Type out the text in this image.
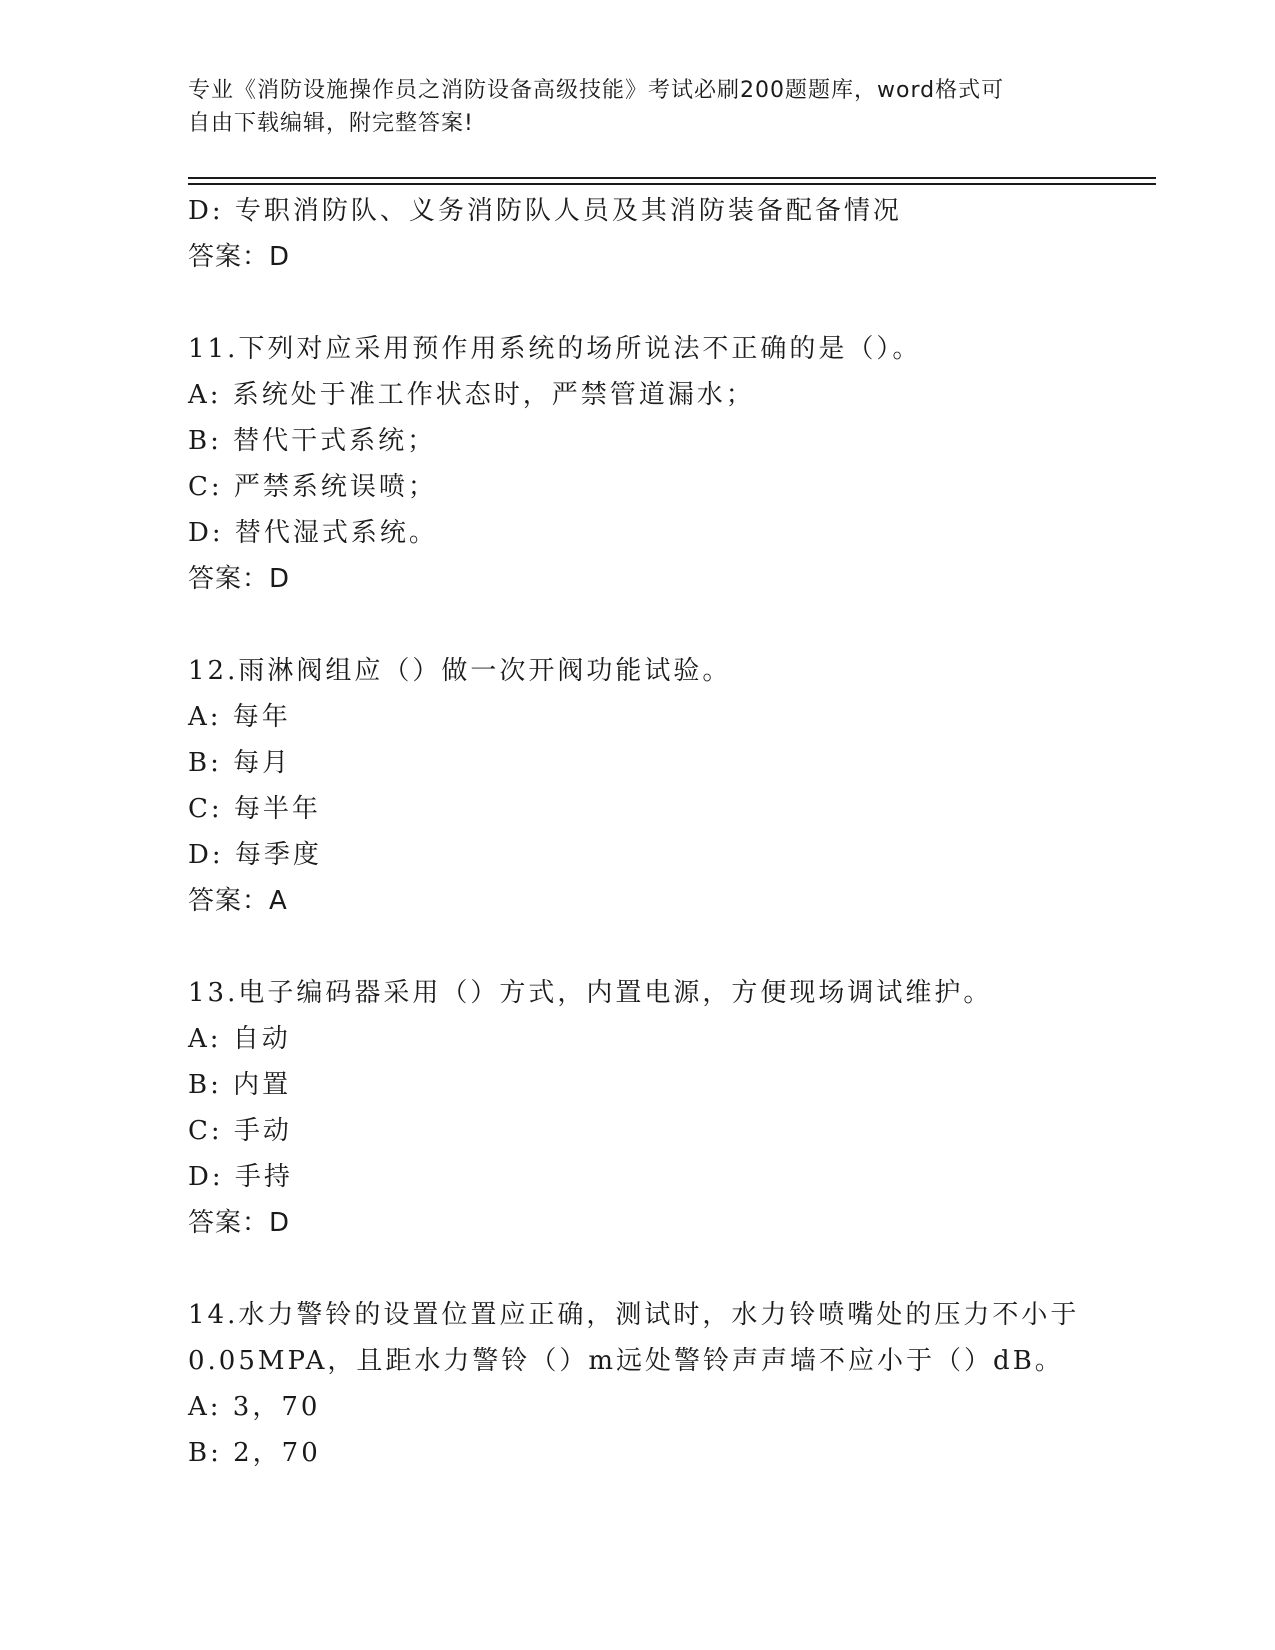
专业《消防设施操作员之消防设备高级技能》考试必刷200题题库，word格式可
自由下载编辑，附完整答案!
D: 专职消防队、义务消防队人员及其消防装备配备情况
答案：D
11.下列对应采用预作用系统的场所说法不正确的是（）。
A: 系统处于准工作状态时，严禁管道漏水；
B: 替代干式系统；
C: 严禁系统误喷；
D: 替代湿式系统。
答案：D
12.雨淋阀组应（）做一次开阀功能试验。
A: 每年
B: 每月
C: 每半年
D: 每季度
答案：A
13.电子编码器采用（）方式，内置电源，方便现场调试维护。
A: 自动
B: 内置
C: 手动
D: 手持
答案：D
14.水力警铃的设置位置应正确，测试时，水力铃喷嘴处的压力不小于
0.05MPA，且距水力警铃（）m远处警铃声声墙不应小于（）dB。
A: 3，70
B: 2，70
